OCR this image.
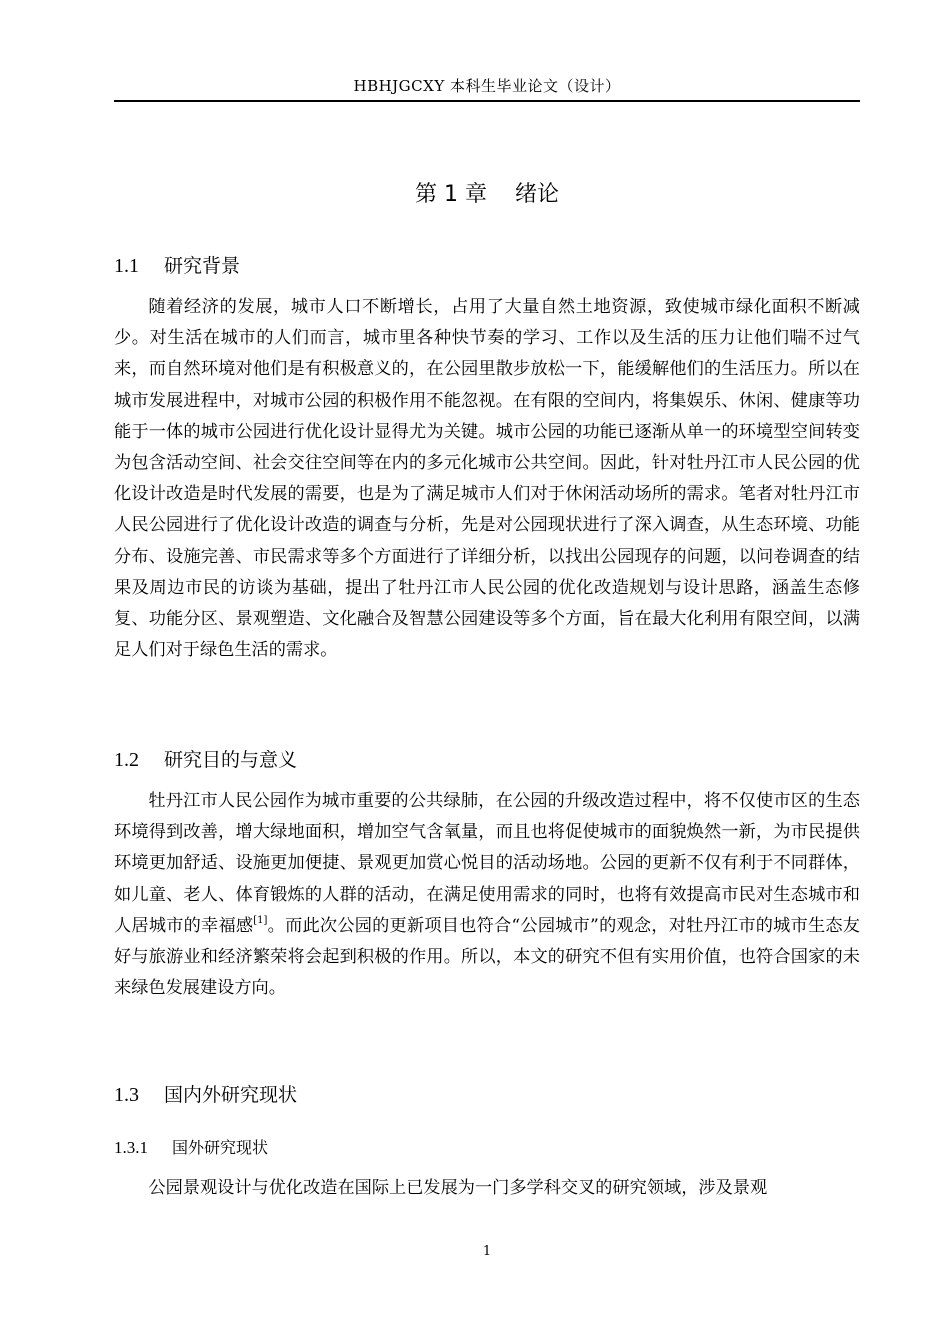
HBHJGCXY 本科生毕业论文（设计）
第 1 章 绪论
1.1 研究背景

随着经济的发展，城市人口不断增长，占用了大量自然土地资源，致使城市绿化面积不断减少。对生活在城市的人们而言，城市里各种快节奏的学习、工作以及生活的压力让他们喘不过气来，而自然环境对他们是有积极意义的，在公园里散步放松一下，能缓解他们的生活压力。所以在城市发展进程中，对城市公园的积极作用不能忽视。在有限的空间内，将集娱乐、休闲、健康等功能于一体的城市公园进行优化设计显得尤为关键。城市公园的功能已逐渐从单一的环境型空间转变为包含活动空间、社会交往空间等在内的多元化城市公共空间。因此，针对牡丹江市人民公园的优化设计改造是时代发展的需要，也是为了满足城市人们对于休闲活动场所的需求。笔者对牡丹江市人民公园进行了优化设计改造的调查与分析，先是对公园现状进行了深入调查，从生态环境、功能分布、设施完善、市民需求等多个方面进行了详细分析，以找出公园现存的问题，以问卷调查的结果及周边市民的访谈为基础，提出了牡丹江市人民公园的优化改造规划与设计思路，涵盖生态修复、功能分区、景观塑造、文化融合及智慧公园建设等多个方面，旨在最大化利用有限空间，以满足人们对于绿色生活的需求。

1.2 研究目的与意义

牡丹江市人民公园作为城市重要的公共绿肺，在公园的升级改造过程中，将不仅使市区的生态环境得到改善，增大绿地面积，增加空气含氧量，而且也将促使城市的面貌焕然一新，为市民提供环境更加舒适、设施更加便捷、景观更加赏心悦目的活动场地。公园的更新不仅有利于不同群体，如儿童、老人、体育锻炼的人群的活动，在满足使用需求的同时，也将有效提高市民对生态城市和人居城市的幸福感[1]。而此次公园的更新项目也符合“公园城市”的观念，对牡丹江市的城市生态友好与旅游业和经济繁荣将会起到积极的作用。所以，本文的研究不但有实用价值，也符合国家的未来绿色发展建设方向。

1.3 国内外研究现状
1.3.1 国外研究现状

公园景观设计与优化改造在国际上已发展为一门多学科交叉的研究领域，涉及景观

1
